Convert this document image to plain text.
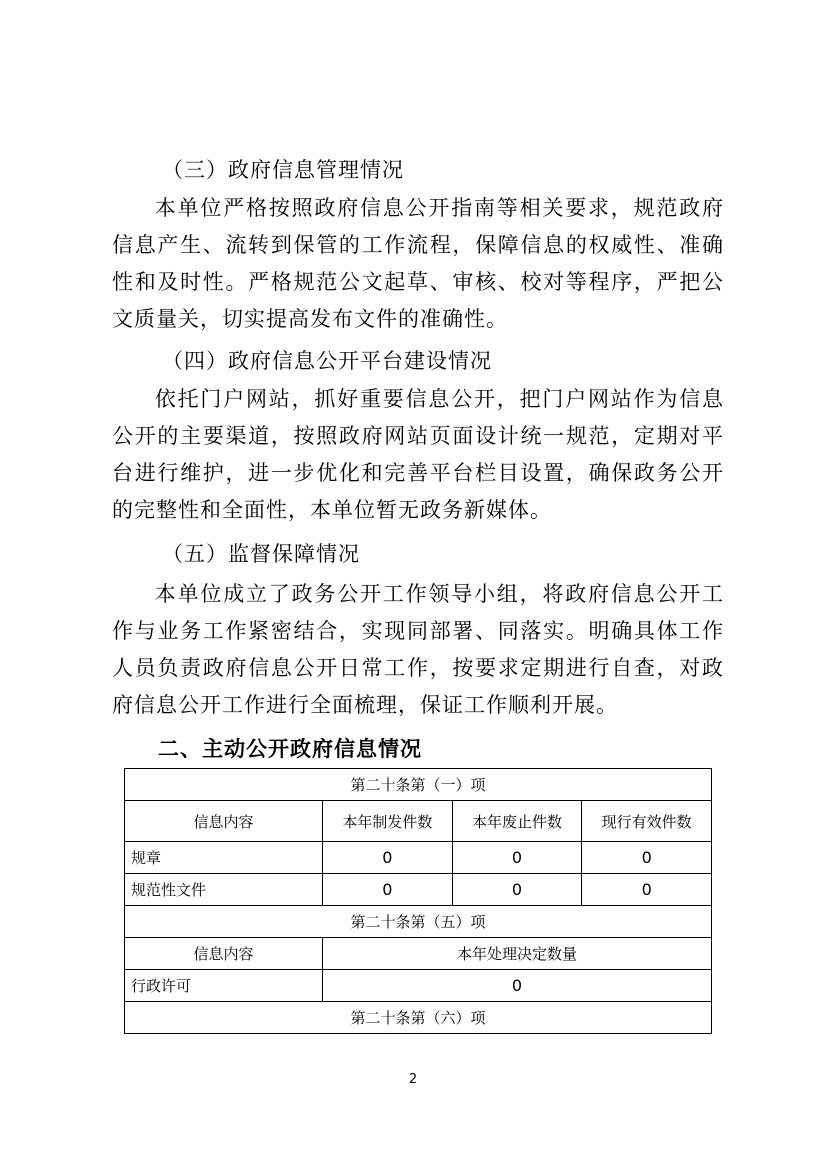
（三）政府信息管理情况

本单位严格按照政府信息公开指南等相关要求，规范政府信息产生、流转到保管的工作流程，保障信息的权威性、准确性和及时性。严格规范公文起草、审核、校对等程序，严把公文质量关，切实提高发布文件的准确性。

（四）政府信息公开平台建设情况

依托门户网站，抓好重要信息公开，把门户网站作为信息公开的主要渠道，按照政府网站页面设计统一规范，定期对平台进行维护，进一步优化和完善平台栏目设置，确保政务公开的完整性和全面性，本单位暂无政务新媒体。

（五）监督保障情况

本单位成立了政务公开工作领导小组，将政府信息公开工作与业务工作紧密结合，实现同部署、同落实。明确具体工作人员负责政府信息公开日常工作，按要求定期进行自查，对政府信息公开工作进行全面梳理，保证工作顺利开展。

二、主动公开政府信息情况

第二十条第（一）项			
信息内容	本年制发件数	本年废止件数	现行有效件数
规章	0	0	0
规范性文件	0	0	0
第二十条第（五）项			
信息内容	本年处理决定数量		
行政许可	0		
第二十条第（六）项			
2
